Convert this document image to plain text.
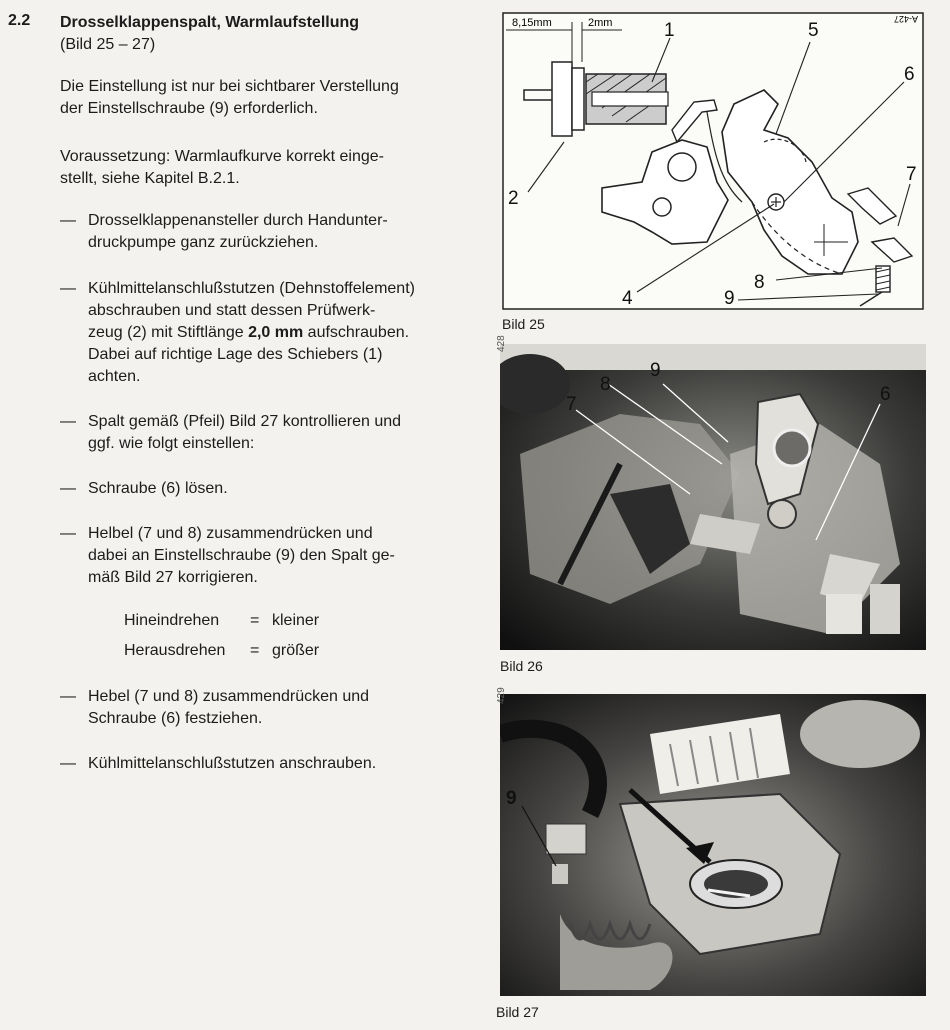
2.2 Drosselklappenspalt, Warmlaufstellung
(Bild 25 – 27)
Die Einstellung ist nur bei sichtbarer Verstellung
der Einstellschraube (9) erforderlich.
Voraussetzung: Warmlaufkurve korrekt einge-
stellt, siehe Kapitel B.2.1.
— Drosselklappenansteller durch Handunter-
druckpumpe ganz zurückziehen.
— Kühlmittelanschlußstutzen (Dehnstoffelement)
abschrauben und statt dessen Prüfwerk-
zeug (2) mit Stiftlänge 2,0 mm aufschrauben.
Dabei auf richtige Lage des Schiebers (1)
achten.
— Spalt gemäß (Pfeil) Bild 27 kontrollieren und
ggf. wie folgt einstellen:
— Schraube (6) lösen.
— Helbel (7 und 8) zusammendrücken und
dabei an Einstellschraube (9) den Spalt ge-
mäß Bild 27 korrigieren.
Hineindrehen = kleiner
Herausdrehen = größer
— Hebel (7 und 8) zusammendrücken und
Schraube (6) festziehen.
— Kühlmittelanschlußstutzen anschrauben.
8,15mm	2mm	A-427
1
2
4
5
6
7
8
9
Bild 25
9
8
7	6
428
Bild 26
9
429
Bild 27
